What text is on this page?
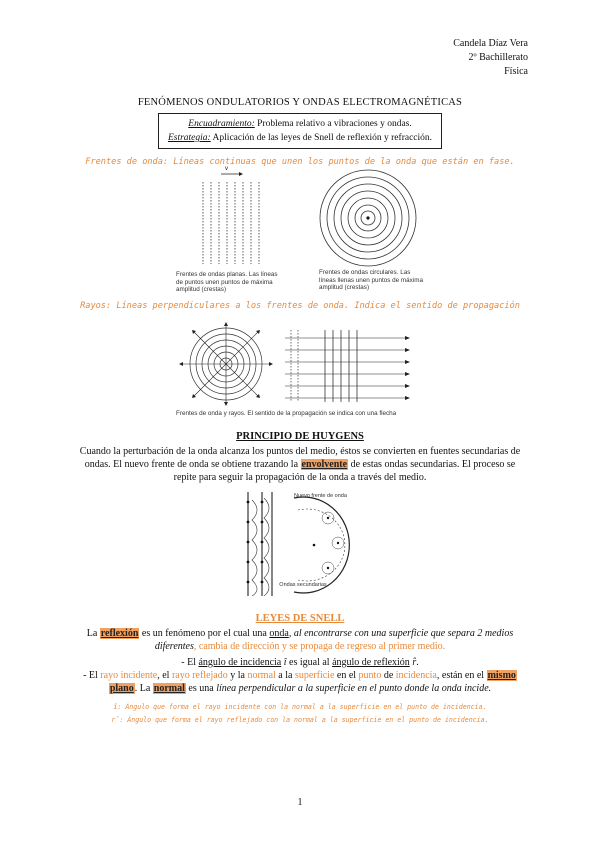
Candela Díaz Vera
2º Bachillerato
Física
FENÓMENOS ONDULATORIOS Y ONDAS ELECTROMAGNÉTICAS
Encuadramiento: Problema relativo a vibraciones y ondas.
Estrategia: Aplicación de las leyes de Snell de reflexión y refracción.
Frentes de onda: Líneas continuas que unen los puntos de la onda que están en fase.
v
Frentes de ondas planas. Las líneas de puntos unen puntos de máxima amplitud (crestas)
Frentes de ondas circulares. Las líneas llenas unen puntos de máxima amplitud (crestas)
Rayos: Líneas perpendiculares a los frentes de onda. Indica el sentido de propagación
Frentes de onda y rayos. El sentido de la propagación se indica con una flecha
PRINCIPIO DE HUYGENS
Cuando la perturbación de la onda alcanza los puntos del medio, éstos se convierten en fuentes secundarias de
ondas. El nuevo frente de onda se obtiene trazando la envolvente de estas ondas secundarias. El proceso se
repite para seguir la propagación de la onda a través del medio.
Nuevo frente de onda
Ondas secundarias
LEYES DE SNELL
La reflexión es un fenómeno por el cual una onda, al encontrarse con una superficie que separa 2 medios
diferentes, cambia de dirección y se propaga de regreso al primer medio.
- El ángulo de incidencia î es igual al ángulo de reflexión r̂.
- El rayo incidente, el rayo reflejado y la normal a la superficie en el punto de incidencia, están en el mismo
plano. La normal es una línea perpendicular a la superficie en el punto donde la onda incide.
î: Ángulo que forma el rayo incidente con la normal a la superficie en el punto de incidencia.
r̂: Ángulo que forma el rayo reflejado con la normal a la superficie en el punto de incidencia.
1
